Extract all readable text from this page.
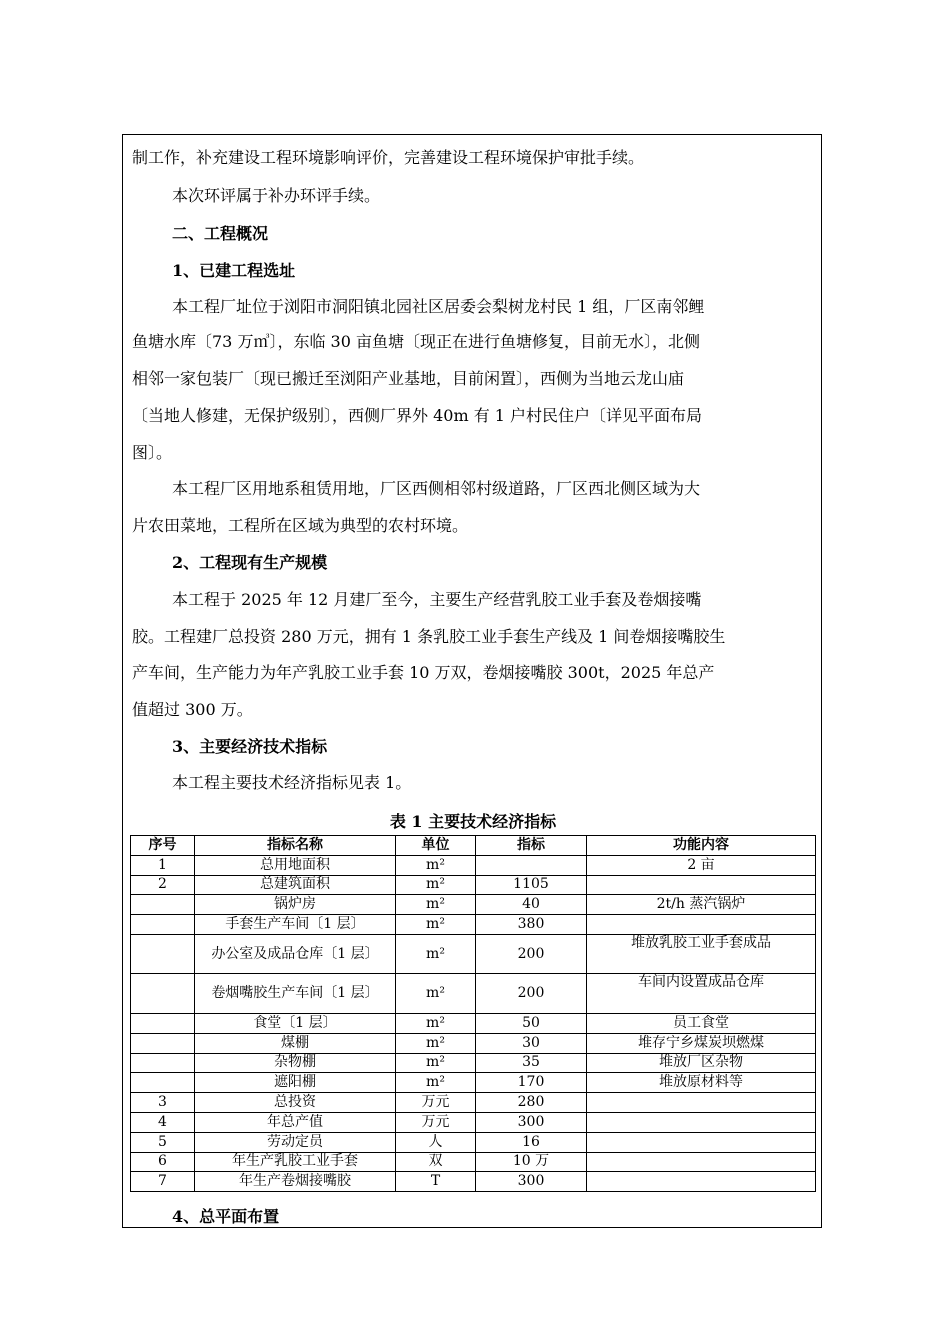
制工作，补充建设工程环境影响评价，完善建设工程环境保护审批手续。
本次环评属于补办环评手续。
二、工程概况
1、已建工程选址
本工程厂址位于浏阳市洞阳镇北园社区居委会梨树龙村民 1 组，厂区南邻鲤
鱼塘水库〔73 万㎥〕，东临 30 亩鱼塘〔现正在进行鱼塘修复，目前无水〕，北侧
相邻一家包装厂〔现已搬迁至浏阳产业基地，目前闲置〕，西侧为当地云龙山庙
〔当地人修建，无保护级别〕，西侧厂界外 40m 有 1 户村民住户〔详见平面布局
图〕。
本工程厂区用地系租赁用地，厂区西侧相邻村级道路，厂区西北侧区域为大
片农田菜地，工程所在区域为典型的农村环境。
2、工程现有生产规模
本工程于 2025 年 12 月建厂至今，主要生产经营乳胶工业手套及卷烟接嘴
胶。工程建厂总投资 280 万元，拥有 1 条乳胶工业手套生产线及 1 间卷烟接嘴胶生
产车间，生产能力为年产乳胶工业手套 10 万双，卷烟接嘴胶 300t，2025 年总产
值超过 300 万。
3、主要经济技术指标
本工程主要技术经济指标见表 1。
表 1 主要技术经济指标
序号	指标名称	单位	指标	功能内容
1	总用地面积	m²		2 亩
2	总建筑面积	m²	1105	
	锅炉房	m²	40	2t/h 蒸汽锅炉
	手套生产车间〔1 层〕	m²	380	
	办公室及成品仓库〔1 层〕	m²	200	堆放乳胶工业手套成品
	卷烟嘴胶生产车间〔1 层〕	m²	200	车间内设置成品仓库
	食堂〔1 层〕	m²	50	员工食堂
	煤棚	m²	30	堆存宁乡煤炭坝燃煤
	杂物棚	m²	35	堆放厂区杂物
	遮阳棚	m²	170	堆放原材料等
3	总投资	万元	280	
4	年总产值	万元	300	
5	劳动定员	人	16	
6	年生产乳胶工业手套	双	10 万	
7	年生产卷烟接嘴胶	T	300	
4、总平面布置
